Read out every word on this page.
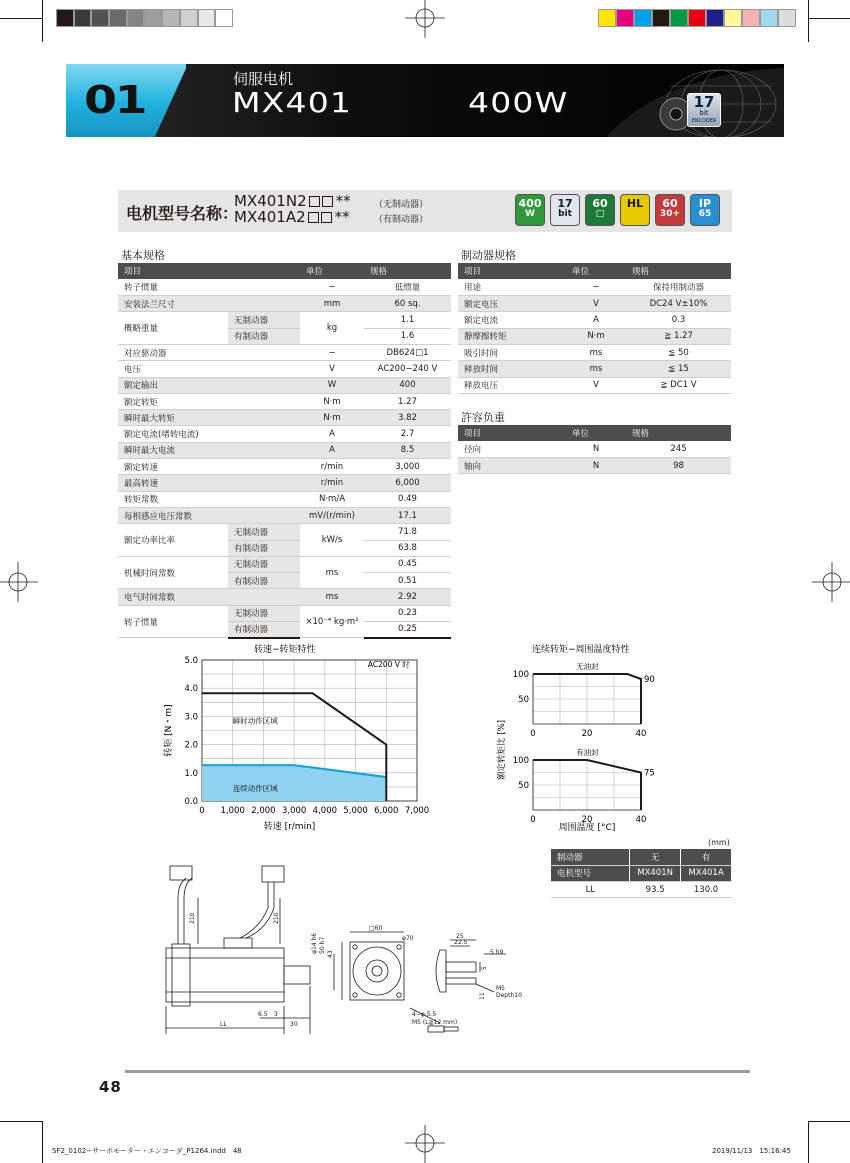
01	伺服电机
MX401	400W	17
bit
ENCODER
电机型号名称：
MX401N2 **
MX401A2 **
（无制动器）
（有制动器）
400
W
17
bit
60
□
HL	60
30+
IP
65
基本规格
项目		单位	规格
转子惯量		−	低惯量
安装法兰尺寸		mm	60 sq.
概略重量	无制动器	kg	1.1
	有制动器		1.6
对应驱动器		−	DB624□1
电压		V	AC200−240 V
额定输出		W	400
额定转矩		N·m	1.27
瞬时最大转矩		N·m	3.82
额定电流(堵转电流)		A	2.7
瞬时最大电流		A	8.5
额定转速		r/min	3,000
最高转速		r/min	6,000
转矩常数		N·m/A	0.49
每相感应电压常数		mV/(r/min)	17.1
额定功率比率	无制动器	kW/s	71.8
	有制动器		63.8
机械时间常数	无制动器	ms	0.45
	有制动器		0.51
电气时间常数		ms	2.92
转子惯量	无制动器	×10⁻⁴ kg·m²	0.23
	有制动器		0.25
制动器规格
项目	单位	规格
用途	−	保持用制动器
额定电压	V	DC24 V±10%
额定电流	A	0.3
静摩擦转矩	N·m	≧ 1.27
吸引时间	ms	≦ 50
释放时间	ms	≦ 15
释放电压	V	≧ DC1 V
許容负重
项目	单位	规格
径向	N	245
轴向	N	98
转速−转矩特性
瞬时动作区域
连续动作区域
AC200 V 时
0 1,000 2,000 3,000 4,000 5,000 6,000 7,000
0.0
1.0
2.0
3.0
4.0
5.0
转速 [r/min]
转矩 [N・m]
连续转矩−周围温度特性
无油封
90
50
100
0	20	40
有油封
75
50
100
0	20	40
周围温度 [°C]
额定转矩比 [%]
(mm)
制动器	无	有
电机型号	MX401N	MX401A
LL	93.5	130.0
210	210
LL
6.5 3
30
φ14 h6 50 h7
43
□60
φ70
4−φ 5.5
M5 (L≧12 mm)
25
22.5
5
5 h9
11
M5
Depth10
48
SF2_0102−サーボモーター・エンコーダ_P1264.indd　48	2019/11/13　15:16:45
